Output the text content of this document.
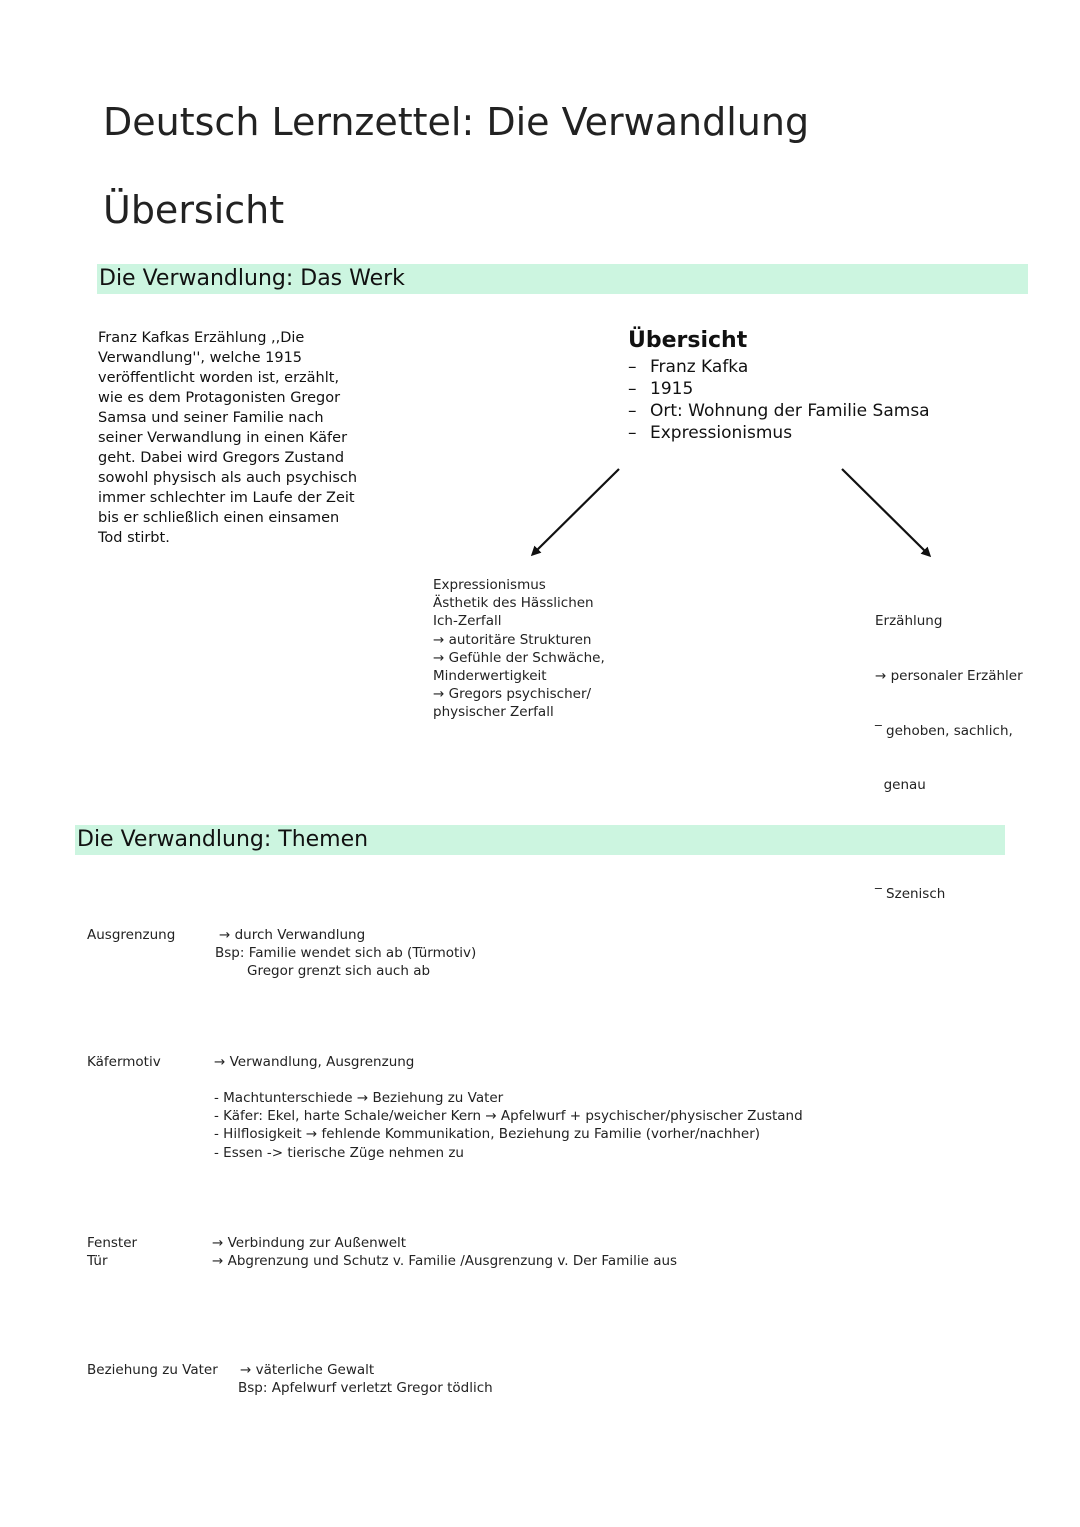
Deutsch Lernzettel: Die Verwandlung
Übersicht
Die Verwandlung: Das Werk
Franz Kafkas Erzählung ,,Die Verwandlung'', welche 1915 veröffentlicht worden ist, erzählt, wie es dem Protagonisten Gregor Samsa und seiner Familie nach seiner Verwandlung in einen Käfer geht. Dabei wird Gregors Zustand sowohl physisch als auch psychisch immer schlechter im Laufe der Zeit bis er schließlich einen einsamen Tod stirbt.
Übersicht
– Franz Kafka
– 1915
– Ort: Wohnung der Familie Samsa
– Expressionismus
Expressionismus
Ästhetik des Hässlichen
Ich-Zerfall
→ autoritäre Strukturen
→ Gefühle der Schwäche,
Minderwertigkeit
→ Gregors psychischer/
physischer Zerfall

Erzählung

→ personaler Erzähler

‾ gehoben, sachlich,

genau

‾ Szenisch

Die Verwandlung: Themen
Ausgrenzung	→ durch Verwandlung
Bsp: Familie wendet sich ab (Türmotiv)
Gregor grenzt sich auch ab
Käfermotiv	→ Verwandlung, Ausgrenzung
- Machtunterschiede → Beziehung zu Vater
- Käfer: Ekel, harte Schale/weicher Kern → Apfelwurf + psychischer/physischer Zustand
- Hilflosigkeit → fehlende Kommunikation, Beziehung zu Familie (vorher/nachher)
- Essen -> tierische Züge nehmen zu
Fenster
Tür
→ Verbindung zur Außenwelt
→ Abgrenzung und Schutz v. Familie /Ausgrenzung v. Der Familie aus
Beziehung zu Vater → väterliche Gewalt
Bsp: Apfelwurf verletzt Gregor tödlich
